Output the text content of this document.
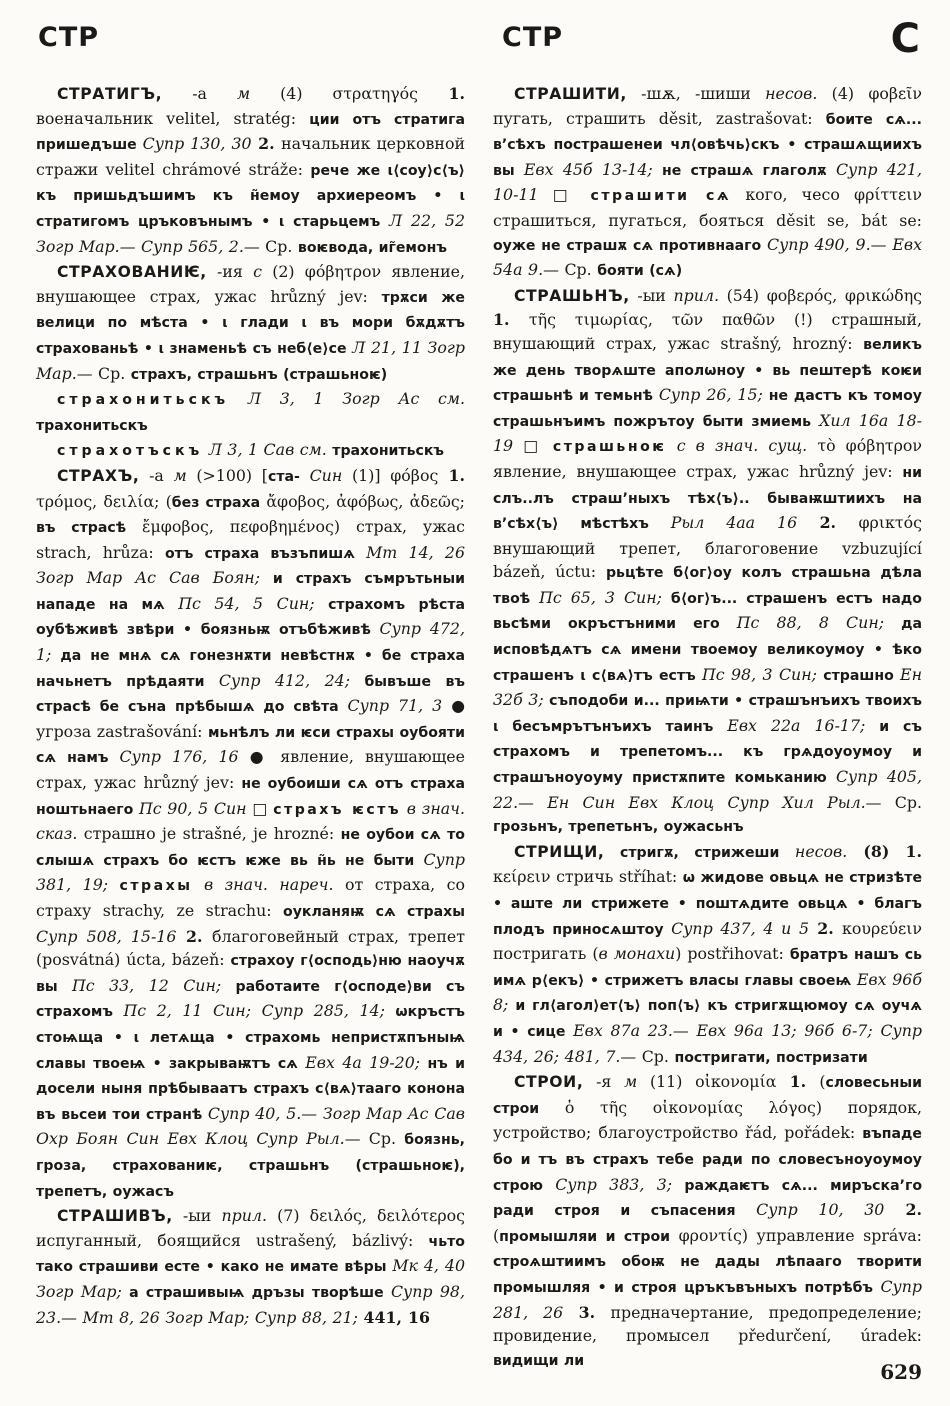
СТР	СТР	С

СТРАТИГЪ, -а м (4) στρατηγός 1. военачальник velitel, stratég: ции отъ стратига пришедъше Супр 130, 30 2. начальник церковной стражи velitel chrámové stráže: рече же ι⟨соу⟩с⟨ъ⟩ къ пришьдъшимъ къ н̃емоу архиереомъ • ι стратигомъ цръковънымъ • ι старьцемъ Л 22, 52 Зогр Мар.— Супр 565, 2.— Ср. воѥвода, иг̃емонъ

СТРАХОВАНИѤ, -ия с (2) φόβητρον явление, внушающее страх, ужас hrůzný jev: трѫси же велици по мѣста • ι глади ι въ мори бѫдѫтъ страхованьѣ • ι знаменьѣ съ неб⟨е⟩се Л 21, 11 Зогр Мар.— Ср. страхъ, страшьнъ (страшьноѥ)

страхонитьскъ Л 3, 1 Зогр Ас см. трахонитьскъ

страхотъскъ Л 3, 1 Сав см. трахонитьскъ

СТРАХЪ, -а м (>100) [ста- Син (1)] φόβος 1. τρόμος, δειλία; (без страха ἄφοβος, ἀφόβως, ἀδεῶς; въ страсѣ ἔμφοβος, πεφοβημένος) страх, ужас strach, hrůza: отъ страха възъпишѧ Мт 14, 26 Зогр Мар Ас Сав Боян; и страхъ съмрътьныи нападе на мѧ Пс 54, 5 Син; страхомъ рѣста оубѣживѣ звѣри • боязньѭ отъбѣживѣ Супр 472, 1; да не мнѧ сѧ гонезнѫти невѣстнѫ • бе страха начьнетъ прѣдаяти Супр 412, 24; бывъше въ страсѣ бе съна прѣбышѧ до свѣта Супр 71, 3 ● угроза zastrašování: мьнѣлъ ли ѥси страхы оубояти сѧ намъ Супр 176, 16 ● явление, внушающее страх, ужас hrůzný jev: не оубоиши сѧ отъ страха ноштьнаего Пс 90, 5 Син □ страхъ ѥстъ в знач. сказ. страшно je strašné, je hrozné: не оубои сѧ то слышѧ страхъ бо ѥстъ ѥже вь н̃ь не быти Супр 381, 19; страхы в знач. нареч. от страха, со страху strachy, ze strachu: оукланяѭ сѧ страхы Супр 508, 15-16 2. благоговейный страх, трепет (posvátná) úcta, bázeň: страхоу г⟨осподь⟩ню наоучѫ вы Пс 33, 12 Син; работаите г⟨осподе⟩ви съ страхомъ Пс 2, 11 Син; Супр 285, 14; ѡкръстъ стоѩща • ι летѧща • страхомь непристѫпъныѩ славы твоеѩ • закрываѭтъ сѧ Евх 4а 19-20; нъ и досели ныня прѣбываатъ страхъ с⟨вѧ⟩тааго конона въ вьсеи тои странѣ Супр 40, 5.— Зогр Мар Ас Сав Охр Боян Син Евх Клоц Супр Рыл.— Ср. боязнь, гроза, страхованиѥ, страшьнъ (страшьноѥ), трепетъ, оужасъ

СТРАШИВЪ, -ыи прил. (7) δειλός, δειλότερος испуганный, боящийся ustrašený, bázlivý: чьто тако страшиви есте • како не имате вѣры Мк 4, 40 Зогр Мар; а страшивыѩ дръзы творѣше Супр 98, 23.— Мт 8, 26 Зогр Мар; Супр 88, 21; 441, 16

СТРАШИТИ, -шѫ, -шиши несов. (4) φοβεῖν пугать, страшить děsit, zastrašovat: боите сѧ... в’сѣхъ пострашенеи чл⟨овѣчь⟩скъ • страшѧщиихъ вы Евх 45б 13-14; не страшѧ глаголѫ Супр 421, 10-11 □ страшити сѧ кого, чесо φρίττειν страшиться, пугаться, бояться děsit se, bát se: оуже не страшѫ сѧ противнааго Супр 490, 9.— Евх 54а 9.— Ср. бояти (сѧ)

СТРАШЬНЪ, -ыи прил. (54) φοβερός, φρικώδης 1. τῆς τιμωρίας, τῶν παθῶν (!) страшный, внушающий страх, ужас strašný, hrozný: великъ же день творѧште аполѡноу • вь пештерѣ коѥи страшьнѣ и темьнѣ Супр 26, 15; не дастъ къ томоу страшьнъимъ пожрътоу быти змиемь Хил 16а 18-19 □ страшьноѥ с в знач. сущ. τὸ φόβητρον явление, внушающее страх, ужас hrůzný jev: ни слъ..лъ страш’ныхъ тѣх⟨ъ⟩.. бываѭштиихъ на в’сѣх⟨ъ⟩ мѣстѣхъ Рыл 4аа 16 2. φρικτός внушающий трепет, благоговение vzbuzující bázeň, úctu: рьцѣте б⟨ог⟩оу колъ страшьна дѣла твоѣ Пс 65, 3 Син; б⟨ог⟩ъ... страшенъ естъ надо вьсѣми окръстъними его Пс 88, 8 Син; да исповѣдѧтъ сѧ имени твоемоу великоумоу • ѣко страшенъ ι с⟨вѧ⟩тъ естъ Пс 98, 3 Син; страшно Ен 32б 3; съподоби и... приѩти • страшънъихъ твоихъ ι бесъмрътънъихъ таинъ Евх 22а 16-17; и съ страхомъ и трепетомъ... къ грѧдоуоумоу и страшъноуоуму пристѫпите комьканию Супр 405, 22.— Ен Син Евх Клоц Супр Хил Рыл.— Ср. грозьнъ, трепетьнъ, оужасьнъ

СТРИЩИ, стригѫ, стрижеши несов. (8) 1. κείρειν стричь stříhat: ѡ жидове овьцѧ не стризѣте • аште ли стрижете • поштѧдите овьцѧ • благъ плодъ приносѧштоу Супр 437, 4 и 5 2. κουρεύειν постригать (в монахи) postřihovat: братръ нашъ сь имѧ р⟨екъ⟩ • стрижетъ власы главы своеѩ Евх 96б 8; и гл⟨агол⟩ет⟨ъ⟩ поп⟨ъ⟩ къ стригѫщюмоу сѧ оучѧ и • сице Евх 87а 23.— Евх 96а 13; 96б 6-7; Супр 434, 26; 481, 7.— Ср. постригати, постризати

СТРОИ, -я м (11) οἰκονομία 1. (словесьныи строи ὁ τῆς οἰκονομίας λόγος) порядок, устройство; благоустройство řád, pořádek: въпаде бо и тъ въ страхъ тебе ради по словесъноуоумоу строю Супр 383, 3; раждаѥтъ сѧ... миръска’го ради строя и съпасения Супр 10, 30 2. (промышляи и строи φροντίς) управление správa: строѧштиимъ обоѭ не дады лѣпааго творити промышляя • и строя цръкъвъныхъ потрѣбъ Супр 281, 26 3. предначертание, предопределение; провидение, промысел předurčení, úradek: видищи ли	629
